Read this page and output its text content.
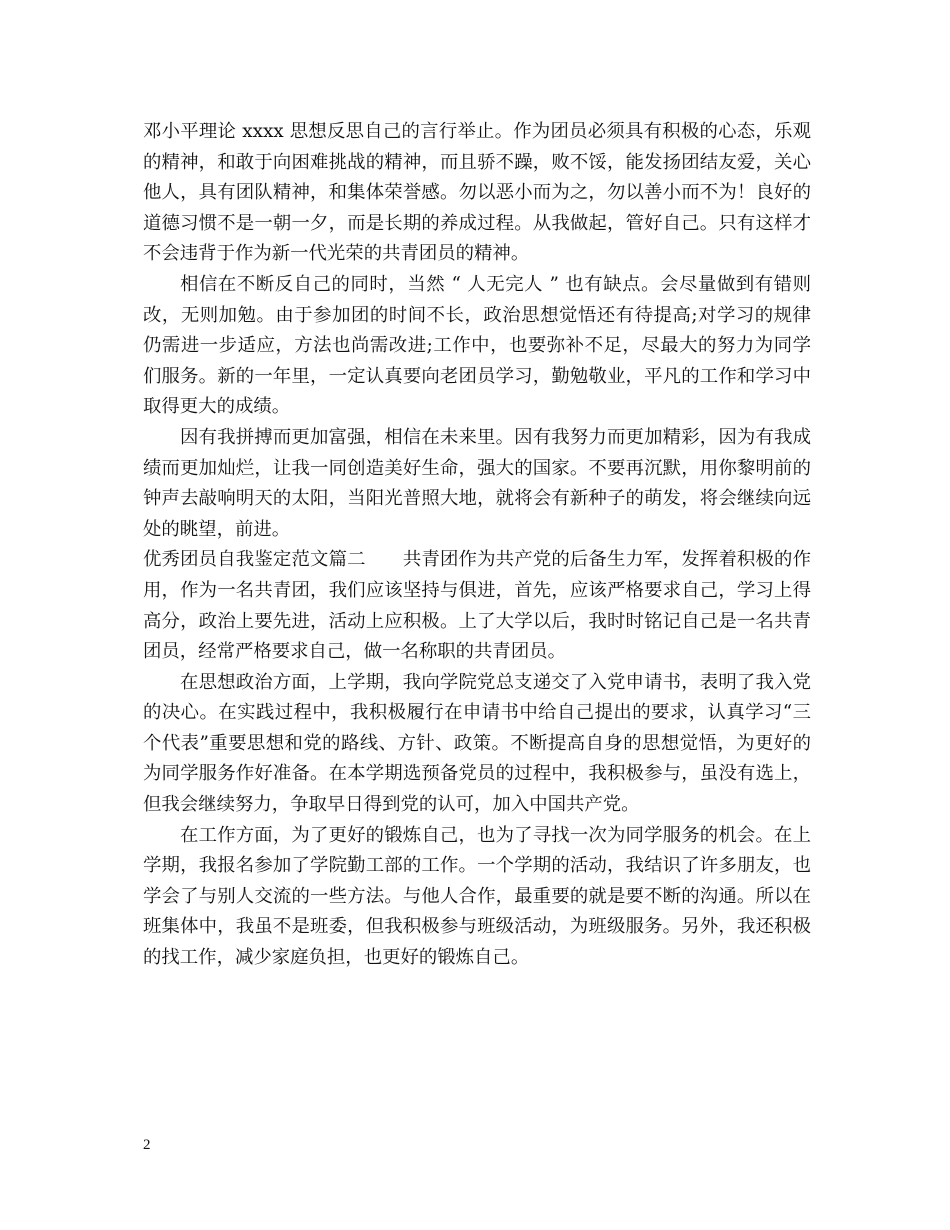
邓小平理论 xxxx 思想反思自己的言行举止。作为团员必须具有积极的心态，乐观的精神，和敢于向困难挑战的精神，而且骄不躁，败不馁，能发扬团结友爱，关心他人，具有团队精神，和集体荣誉感。勿以恶小而为之，勿以善小而不为！良好的道德习惯不是一朝一夕，而是长期的养成过程。从我做起，管好自己。只有这样才不会违背于作为新一代光荣的共青团员的精神。

相信在不断反自己的同时，当然 “ 人无完人 ” 也有缺点。会尽量做到有错则改，无则加勉。由于参加团的时间不长，政治思想觉悟还有待提高;对学习的规律仍需进一步适应，方法也尚需改进;工作中，也要弥补不足，尽最大的努力为同学们服务。新的一年里，一定认真要向老团员学习，勤勉敬业，平凡的工作和学习中取得更大的成绩。

因有我拼搏而更加富强，相信在未来里。因有我努力而更加精彩，因为有我成绩而更加灿烂，让我一同创造美好生命，强大的国家。不要再沉默，用你黎明前的钟声去敲响明天的太阳，当阳光普照大地，就将会有新种子的萌发，将会继续向远处的眺望，前进。

优秀团员自我鉴定范文篇二　　共青团作为共产党的后备生力军，发挥着积极的作用，作为一名共青团，我们应该坚持与俱进，首先，应该严格要求自己，学习上得高分，政治上要先进，活动上应积极。上了大学以后，我时时铭记自己是一名共青团员，经常严格要求自己，做一名称职的共青团员。

在思想政治方面，上学期，我向学院党总支递交了入党申请书，表明了我入党的决心。在实践过程中，我积极履行在申请书中给自己提出的要求，认真学习“三个代表”重要思想和党的路线、方针、政策。不断提高自身的思想觉悟，为更好的为同学服务作好准备。在本学期选预备党员的过程中，我积极参与，虽没有选上，但我会继续努力，争取早日得到党的认可，加入中国共产党。

在工作方面，为了更好的锻炼自己，也为了寻找一次为同学服务的机会。在上学期，我报名参加了学院勤工部的工作。一个学期的活动，我结识了许多朋友，也学会了与别人交流的一些方法。与他人合作，最重要的就是要不断的沟通。所以在班集体中，我虽不是班委，但我积极参与班级活动，为班级服务。另外，我还积极的找工作，减少家庭负担，也更好的锻炼自己。

2
